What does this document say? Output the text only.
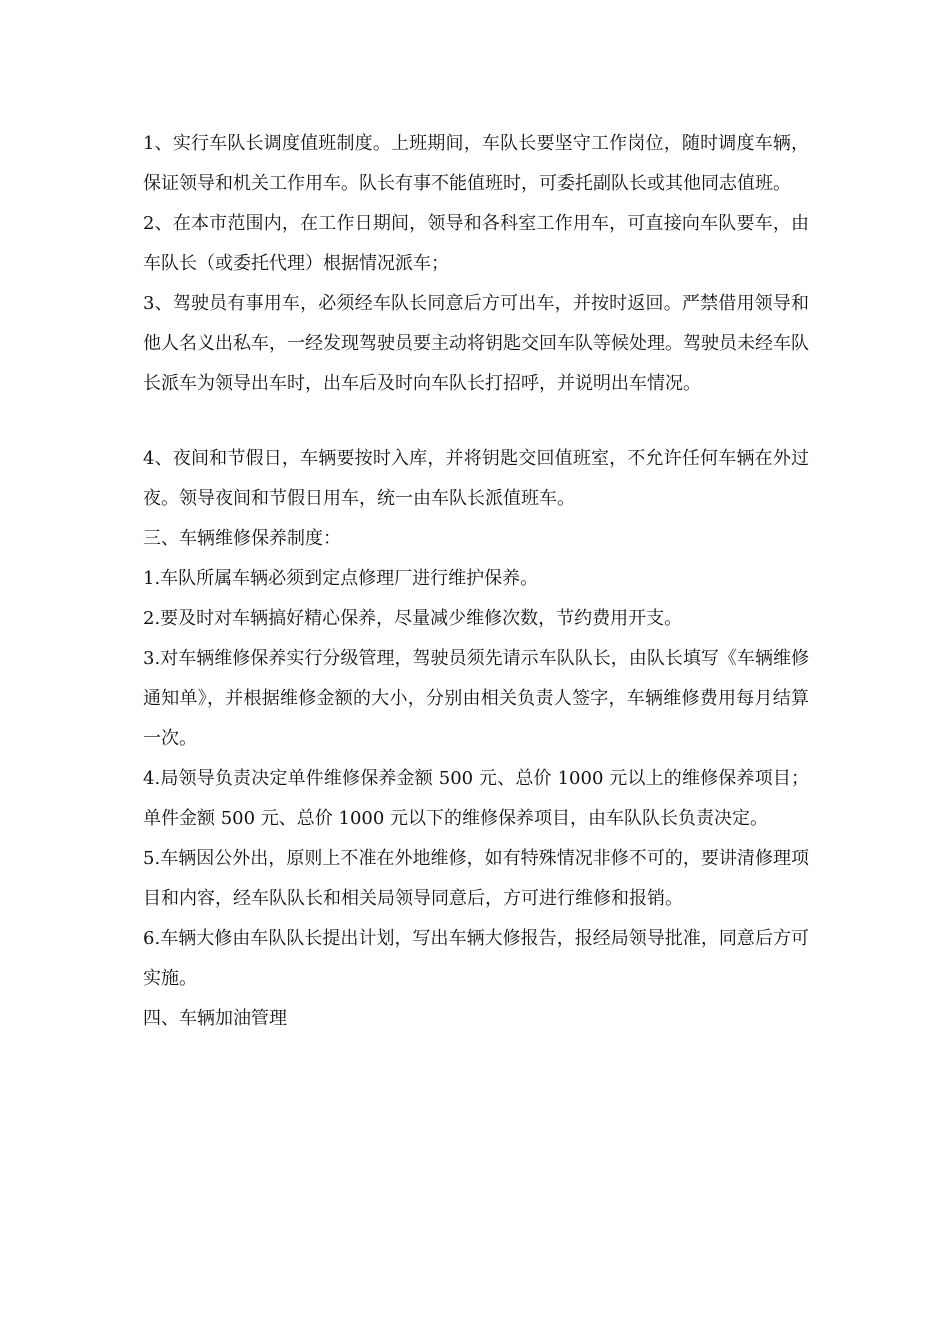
1、实行车队长调度值班制度。上班期间，车队长要坚守工作岗位，随时调度车辆，保证领导和机关工作用车。队长有事不能值班时，可委托副队长或其他同志值班。

2、在本市范围内，在工作日期间，领导和各科室工作用车，可直接向车队要车，由车队长（或委托代理）根据情况派车；

3、驾驶员有事用车，必须经车队长同意后方可出车，并按时返回。严禁借用领导和他人名义出私车，一经发现驾驶员要主动将钥匙交回车队等候处理。驾驶员未经车队长派车为领导出车时，出车后及时向车队长打招呼，并说明出车情况。

4、夜间和节假日，车辆要按时入库，并将钥匙交回值班室，不允许任何车辆在外过夜。领导夜间和节假日用车，统一由车队长派值班车。

三、车辆维修保养制度：

1.车队所属车辆必须到定点修理厂进行维护保养。

2.要及时对车辆搞好精心保养，尽量减少维修次数，节约费用开支。

3.对车辆维修保养实行分级管理，驾驶员须先请示车队队长，由队长填写《车辆维修通知单》，并根据维修金额的大小，分别由相关负责人签字，车辆维修费用每月结算一次。

4.局领导负责决定单件维修保养金额 500 元、总价 1000 元以上的维修保养项目；单件金额 500 元、总价 1000 元以下的维修保养项目，由车队队长负责决定。

5.车辆因公外出，原则上不准在外地维修，如有特殊情况非修不可的，要讲清修理项目和内容，经车队队长和相关局领导同意后，方可进行维修和报销。

6.车辆大修由车队队长提出计划，写出车辆大修报告，报经局领导批准，同意后方可实施。

四、车辆加油管理
